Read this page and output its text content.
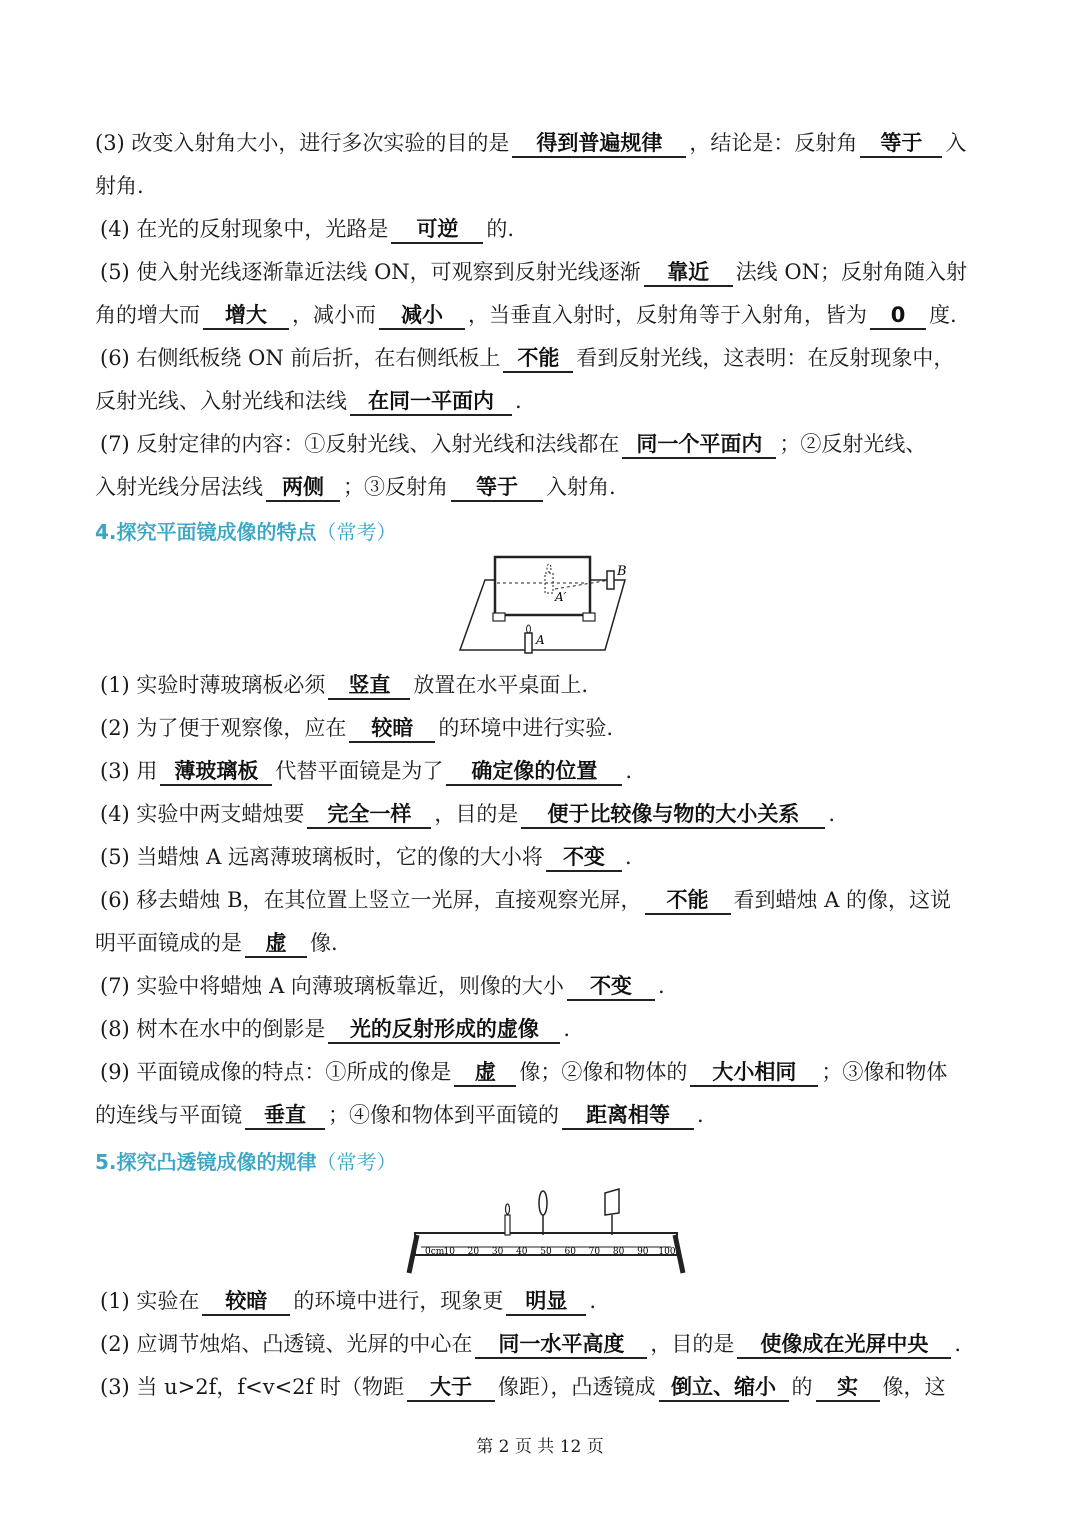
(3) 改变入射角大小，进行多次实验的目的是 得到普遍规律 ，结论是：反射角 等于 入
射角.
(4) 在光的反射现象中，光路是 可逆 的.
(5) 使入射光线逐渐靠近法线 ON，可观察到反射光线逐渐 靠近 法线 ON；反射角随入射
角的增大而 增大 ，减小而 减小 ，当垂直入射时，反射角等于入射角，皆为 0 度.
(6) 右侧纸板绕 ON 前后折，在右侧纸板上 不能 看到反射光线，这表明：在反射现象中，
反射光线、入射光线和法线 在同一平面内 .
(7) 反射定律的内容：①反射光线、入射光线和法线都在 同一个平面内 ；②反射光线、
入射光线分居法线 两侧 ；③反射角 等于 入射角.
4.探究平面镜成像的特点（常考）
B
A′
A
(1) 实验时薄玻璃板必须 竖直 放置在水平桌面上.
(2) 为了便于观察像，应在 较暗 的环境中进行实验.
(3) 用 薄玻璃板 代替平面镜是为了 确定像的位置 .
(4) 实验中两支蜡烛要 完全一样 ，目的是 便于比较像与物的大小关系 .
(5) 当蜡烛 A 远离薄玻璃板时，它的像的大小将 不变 .
(6) 移去蜡烛 B，在其位置上竖立一光屏，直接观察光屏， 不能 看到蜡烛 A 的像，这说
明平面镜成的是 虚 像.
(7) 实验中将蜡烛 A 向薄玻璃板靠近，则像的大小 不变 .
(8) 树木在水中的倒影是 光的反射形成的虚像 .
(9) 平面镜成像的特点：①所成的像是 虚 像；②像和物体的 大小相同 ；③像和物体
的连线与平面镜 垂直 ；④像和物体到平面镜的 距离相等 .
5.探究凸透镜成像的规律（常考）
0cm 10 20 30 40 50 60 70 80 90 100
(1) 实验在 较暗 的环境中进行，现象更 明显 .
(2) 应调节烛焰、凸透镜、光屏的中心在 同一水平高度 ，目的是 使像成在光屏中央 .
(3) 当 u>2f，f<v<2f 时（物距 大于 像距），凸透镜成 倒立、缩小 的 实 像，这
第 2 页 共 12 页
